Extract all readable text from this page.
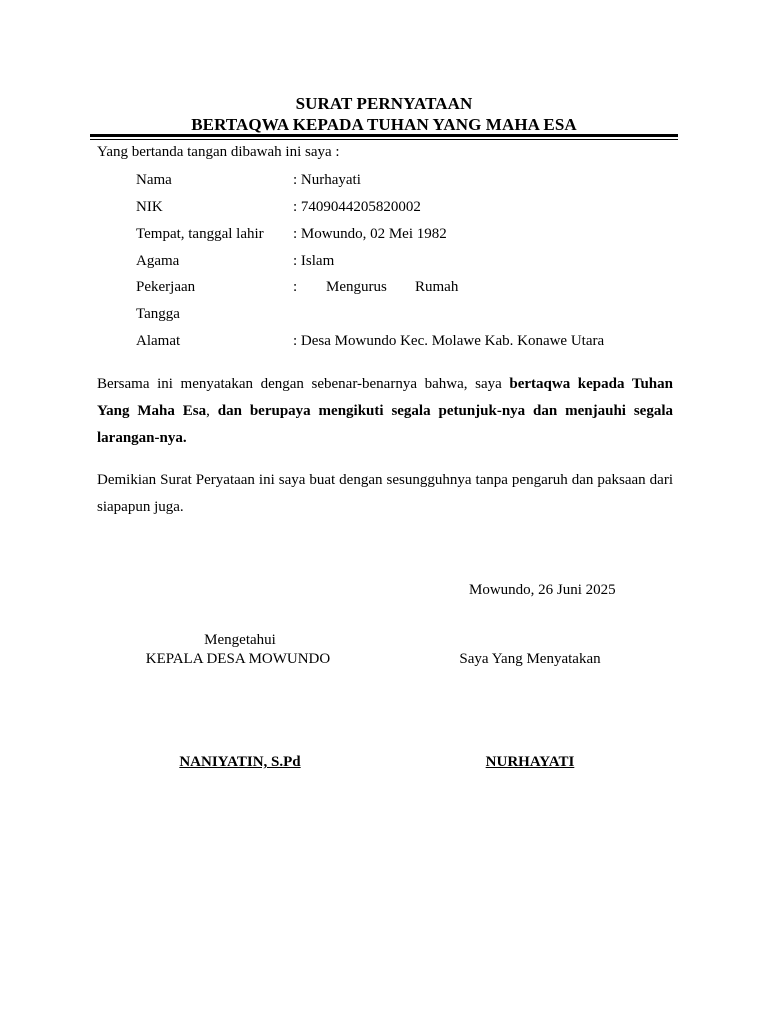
SURAT PERNYATAAN
BERTAQWA KEPADA TUHAN YANG MAHA ESA
Yang bertanda tangan dibawah ini saya :
Nama	: Nurhayati
NIK	: 7409044205820002
Tempat, tanggal lahir : Mowundo, 02 Mei 1982
Agama	: Islam
Pekerjaan	: Mengurus Rumah
Tangga
Alamat	: Desa Mowundo Kec. Molawe Kab. Konawe Utara
Bersama ini menyatakan dengan sebenar-benarnya bahwa, saya bertaqwa kepada Tuhan Yang Maha Esa, dan berupaya mengikuti segala petunjuk-nya dan menjauhi segala larangan-nya.
Demikian Surat Peryataan ini saya buat dengan sesungguhnya tanpa pengaruh dan paksaan dari siapapun juga.
Mowundo, 26 Juni 2025
Mengetahui
KEPALA DESA MOWUNDO
NANIYATIN, S.Pd
Saya Yang Menyatakan
NURHAYATI
